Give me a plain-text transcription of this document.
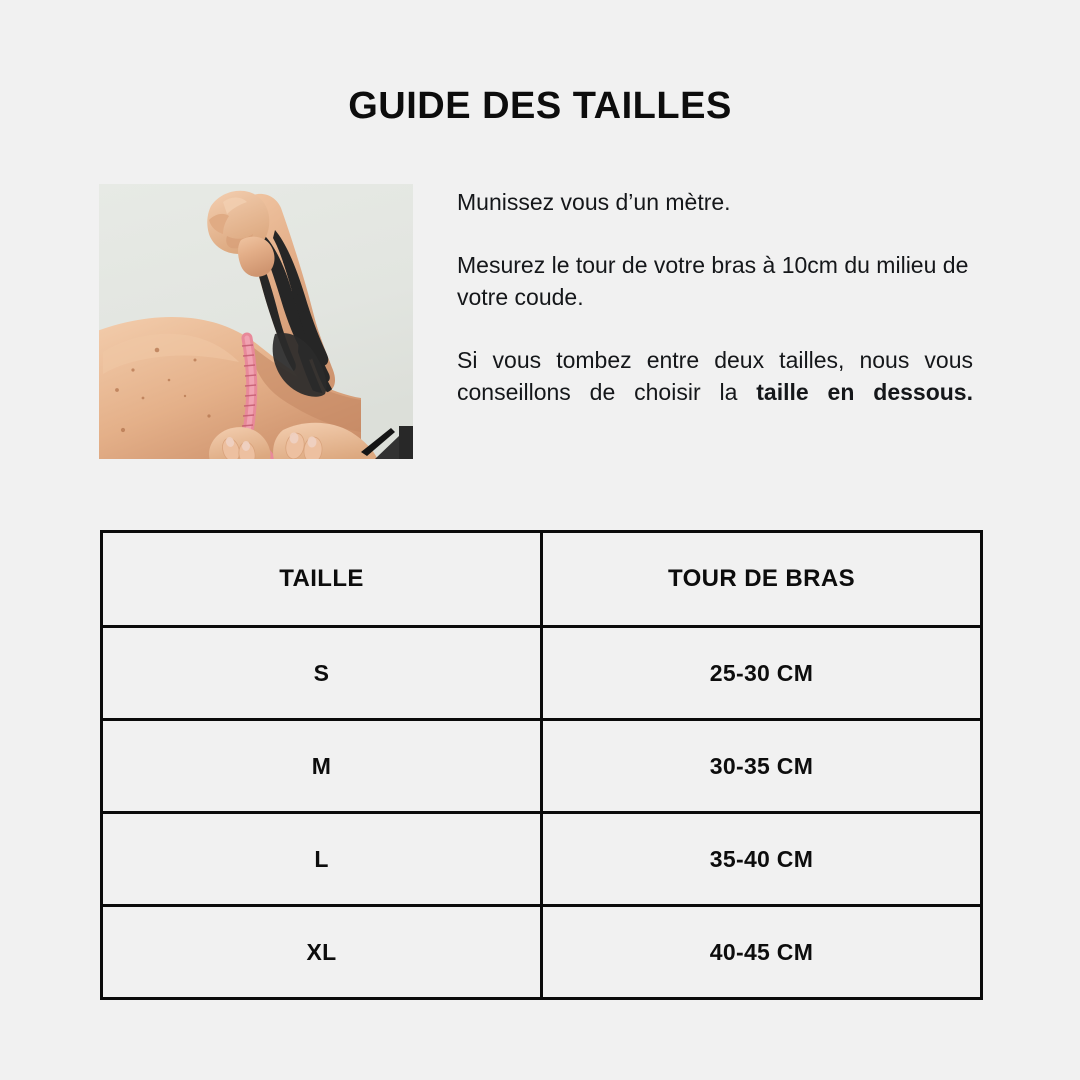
GUIDE DES TAILLES

Munissez vous d’un mètre.

Mesurez le tour de votre bras à 10cm du milieu de votre coude.

Si vous tombez entre deux tailles, nous vous conseillons de choisir la taille en dessous.

TAILLE	TOUR DE BRAS
S	25-30 CM
M	30-35 CM
L	35-40 CM
XL	40-45 CM
